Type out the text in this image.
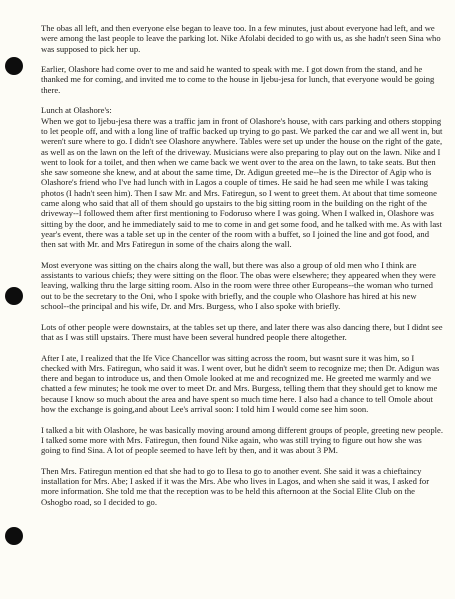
The obas all left, and then everyone else began to leave too. In a few minutes, just about everyone had left, and we were among the last people to leave the parking lot. Nike Afolabi decided to go with us, as she hadn't seen Sina who was supposed to pick her up.

Earlier, Olashore had come over to me and said he wanted to speak with me. I got down from the stand, and he thanked me for coming, and invited me to come to the house in Ijebu-jesa for lunch, that everyone would be going there.

Lunch at Olashore's:

When we got to Ijebu-jesa there was a traffic jam in front of Olashore's house, with cars parking and others stopping to let people off, and with a long line of traffic backed up trying to go past. We parked the car and we all went in, but weren't sure where to go. I didn't see Olashore anywhere. Tables were set up under the house on the right of the gate, as well as on the lawn on the left of the driveway. Musicians were also preparing to play out on the lawn. Nike and I went to look for a toilet, and then when we came back we went over to the area on the lawn, to take seats. But then she saw someone she knew, and at about the same time, Dr. Adigun greeted me--he is the Director of Agip who is Olashore's friend who I've had lunch with in Lagos a couple of times. He said he had seen me while I was taking photos (I hadn't seen him). Then I saw Mr. and Mrs. Fatiregun, so I went to greet them. At about that time someone came along who said that all of them should go upstairs to the big sitting room in the building on the right of the driveway--I followed them after first mentioning to Fodoruso where I was going. When I walked in, Olashore was sitting by the door, and he immediately said to me to come in and get some food, and he talked with me. As with last year's event, there was a table set up in the center of the room with a buffet, so I joined the line and got food, and then sat with Mr. and Mrs Fatiregun in some of the chairs along the wall.

Most everyone was sitting on the chairs along the wall, but there was also a group of old men who I think are assistants to various chiefs; they were sitting on the floor. The obas were elsewhere; they appeared when they were leaving, walking thru the large sitting room. Also in the room were three other Europeans--the woman who turned out to be the secretary to the Oni, who I spoke with briefly, and the couple who Olashore has hired at his new school--the principal and his wife, Dr. and Mrs. Burgess, who I also spoke with briefly.

Lots of other people were downstairs, at the tables set up there, and later there was also dancing there, but I didnt see that as I was still upstairs. There must have been several hundred people there altogether.

After I ate, I realized that the Ife Vice Chancellor was sitting across the room, but wasnt sure it was him, so I checked with Mrs. Fatiregun, who said it was. I went over, but he didn't seem to recognize me; then Dr. Adigun was there and began to introduce us, and then Omole looked at me and recognized me. He greeted me warmly and we chatted a few minutes; he took me over to meet Dr. and Mrs. Burgess, telling them that they should get to know me because I know so much about the area and have spent so much time here. I also had a chance to tell Omole about how the exchange is going,and about Lee's arrival soon: I told him I would come see him soon.

I talked a bit with Olashore, he was basically moving around among different groups of people, greeting new people. I talked some more with Mrs. Fatiregun, then found Nike again, who was still trying to figure out how she was going to find Sina. A lot of people seemed to have left by then, and it was about 3 PM.

Then Mrs. Fatiregun mention ed that she had to go to Ilesa to go to another event. She said it was a chieftaincy installation for Mrs. Abe; I asked if it was the Mrs. Abe who lives in Lagos, and when she said it was, I asked for more information. She told me that the reception was to be held this afternoon at the Social Elite Club on the Oshogbo road, so I decided to go.
